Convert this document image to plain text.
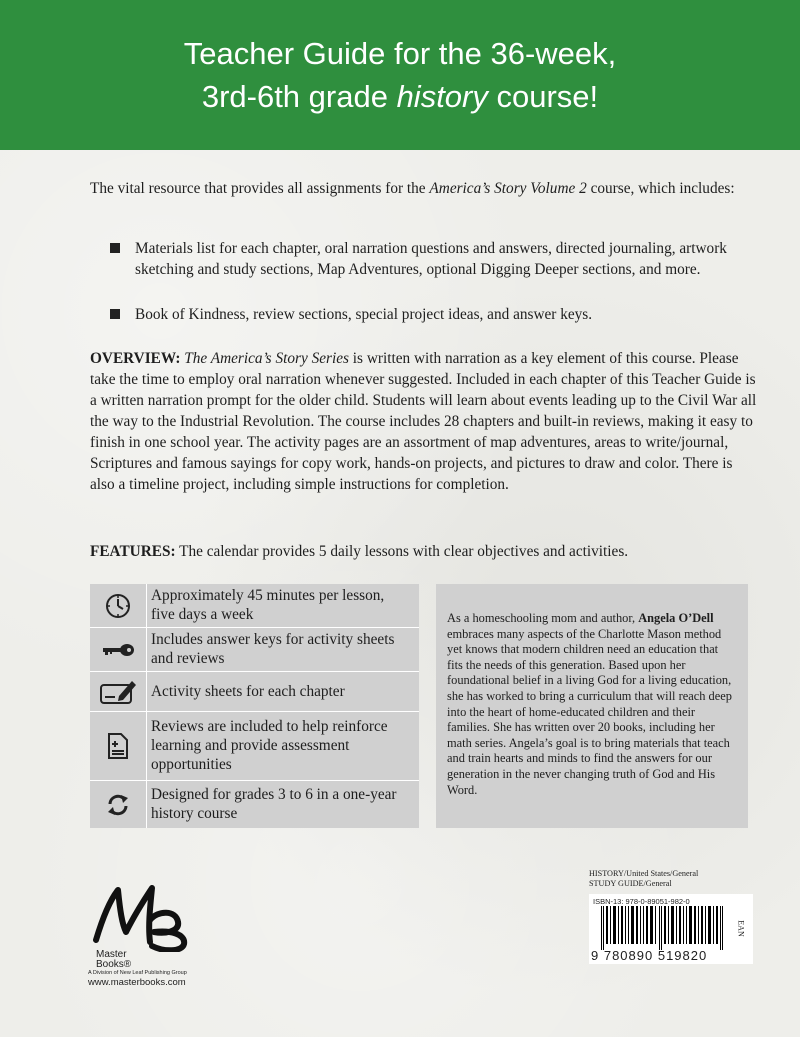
Teacher Guide for the 36-week,
3rd-6th grade history course!
The vital resource that provides all assignments for the America’s Story Volume 2 course, which includes:
Materials list for each chapter, oral narration questions and answers, directed journaling, artwork sketching and study sections, Map Adventures, optional Digging Deeper sections, and more.
Book of Kindness, review sections, special project ideas, and answer keys.
OVERVIEW: The America’s Story Series is written with narration as a key element of this course. Please take the time to employ oral narration whenever suggested. Included in each chapter of this Teacher Guide is a written narration prompt for the older child. Students will learn about events leading up to the Civil War all the way to the Industrial Revolution. The course includes 28 chapters and built-in reviews, making it easy to finish in one school year. The activity pages are an assortment of map adventures, areas to write/journal, Scriptures and famous sayings for copy work, hands-on projects, and pictures to draw and color. There is also a timeline project, including simple instructions for completion.
FEATURES: The calendar provides 5 daily lessons with clear objectives and activities.
Approximately 45 minutes per lesson, five days a week
Includes answer keys for activity sheets and reviews
Activity sheets for each chapter
Reviews are included to help reinforce learning and provide assessment opportunities
Designed for grades 3 to 6 in a one-year history course
As a homeschooling mom and author, Angela O’Dell embraces many aspects of the Charlotte Mason method yet knows that modern children need an education that fits the needs of this generation. Based upon her foundational belief in a living God for a living education, she has worked to bring a curriculum that will reach deep into the heart of home-educated children and their families. She has written over 20 books, including her math series. Angela’s goal is to bring materials that teach and train hearts and minds to find the answers for our generation in the never changing truth of God and His Word.
Master
Books®
A Division of New Leaf Publishing Group
www.masterbooks.com
HISTORY/United States/General
STUDY GUIDE/General
ISBN-13: 978-0-89051-982-0
EAN
9 780890 519820
